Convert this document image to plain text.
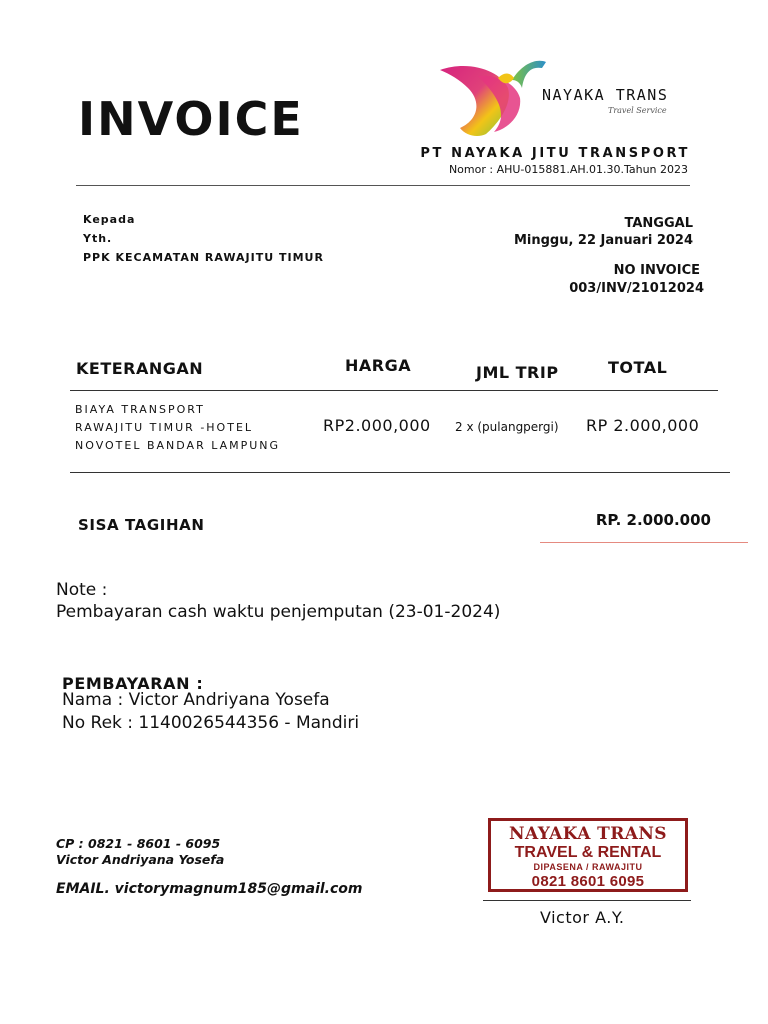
INVOICE	NAYAKA TRANS
Travel Service
PT NAYAKA JITU TRANSPORT
Nomor : AHU-015881.AH.01.30.Tahun 2023
Kepada
Yth.
PPK KECAMATAN RAWAJITU TIMUR
TANGGAL
Minggu, 22 Januari 2024
NO INVOICE
003/INV/21012024
KETERANGAN	HARGA	JML TRIP	TOTAL
BIAYA TRANSPORT
RAWAJITU TIMUR -HOTEL
NOVOTEL BANDAR LAMPUNG
RP2.000,000 2 x (pulangpergi) RP 2.000,000
SISA TAGIHAN	RP. 2.000.000
Note :
Pembayaran cash waktu penjemputan (23-01-2024)
PEMBAYARAN :
Nama : Victor Andriyana Yosefa
No Rek : 1140026544356 - Mandiri
CP : 0821 - 8601 - 6095
Victor Andriyana Yosefa
EMAIL. victorymagnum185@gmail.com
NAYAKA TRANS
TRAVEL & RENTAL
DIPASENA / RAWAJITU
0821 8601 6095
Victor A.Y.
